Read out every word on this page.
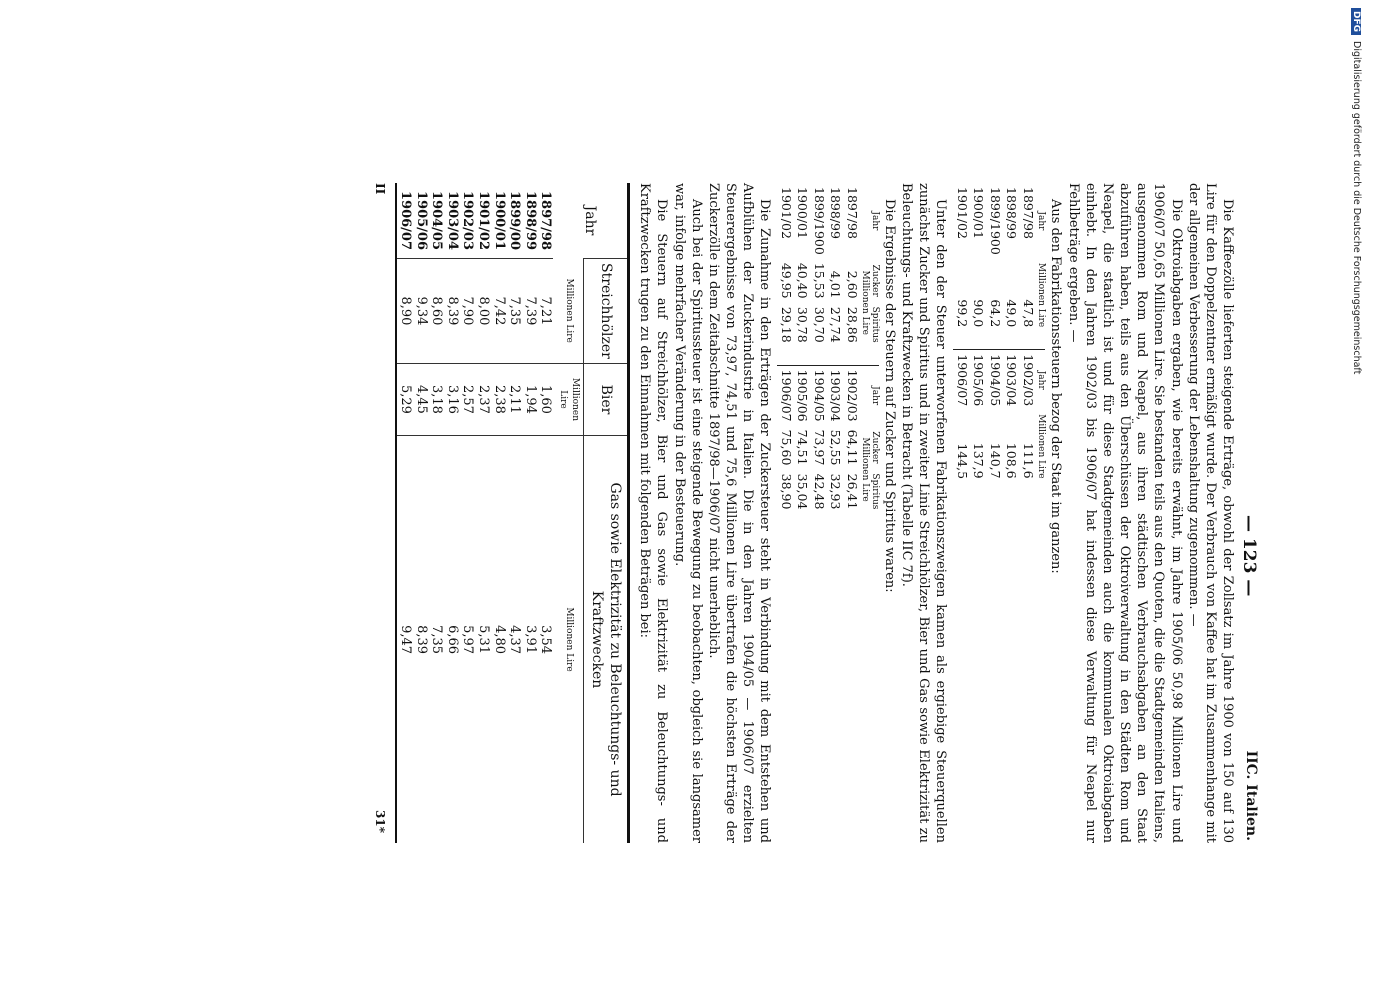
— 123 —
IIC. Italien.

Die Kaffeezölle lieferten steigende Erträge, obwohl der Zollsatz im Jahre 1900 von 150 auf 130 Lire für den Doppelzentner ermäßigt wurde. Der Verbrauch von Kaffee hat im Zusammenhange mit der allgemeinen Verbesserung der Lebenshaltung zugenommen. —

Die Oktroiabgaben ergaben, wie bereits erwähnt, im Jahre 1905/06 50,98 Millionen Lire und 1906/07 50,65 Millionen Lire. Sie bestanden teils aus den Quoten, die die Stadtgemeinden Italiens, ausgenommen Rom und Neapel, aus ihren städtischen Verbrauchsabgaben an den Staat abzuführen haben, teils aus den Überschüssen der Oktroiverwaltung in den Städten Rom und Neapel, die staatlich ist und für diese Stadtgemeinden auch die kommunalen Oktroiabgaben einhebt. In den Jahren 1902/03 bis 1906/07 hat indessen diese Verwaltung für Neapel nur Fehlbeträge ergeben. —

Aus den Fabrikationssteuern bezog der Staat im ganzen:

Jahr	Millionen Lire
1897/98	47,8
1898/99	49,0
1899/1900	64,2
1900/01	90,0
1901/02	99,2
Jahr	Millionen Lire
1902/03	111,6
1903/04	108,6
1904/05	140,7
1905/06	137,9
1906/07	144,5

Unter den der Steuer unterworfenen Fabrikationszweigen kamen als ergiebige Steuerquellen zunächst Zucker und Spiritus und in zweiter Linie Streichhölzer, Bier und Gas sowie Elektrizität zu Beleuchtungs- und Kraftzwecken in Betracht (Tabelle IIC 7f).

Die Ergebnisse der Steuern auf Zucker und Spiritus waren:

Jahr	Zucker	Spiritus
	Millionen Lire	
1897/98	2,60	28,86
1898/99	4,01	27,74
1899/1900	15,53	30,70
1900/01	40,40	30,78
1901/02	49,95	29,18
Jahr	Zucker	Spiritus
	Millionen Lire	
1902/03	64,11	26,41
1903/04	52,55	32,93
1904/05	73,97	42,48
1905/06	74,51	35,04
1906/07	75,60	38,90

Die Zunahme in den Erträgen der Zuckersteuer steht in Verbindung mit dem Entstehen und Aufblühen der Zuckerindustrie in Italien. Die in den Jahren 1904/05 — 1906/07 erzielten Steuerergebnisse von 73,97, 74,51 und 75,6 Millionen Lire übertrafen die höchsten Erträge der Zuckerzölle in dem Zeitabschnitte 1897/98—1906/07 nicht unerheblich.

Auch bei der Spiritussteuer ist eine steigende Bewegung zu beobachten, obgleich sie langsamer war, infolge mehrfacher Veränderung in der Besteuerung.

Die Steuern auf Streichhölzer, Bier und Gas sowie Elektrizität zu Beleuchtungs- und Kraftzwecken trugen zu den Einnahmen mit folgenden Beträgen bei:

Jahr	Streichhölzer	Bier	Gas sowie Elektrizität zu Beleuchtungs- und Kraftzwecken
	Millionen Lire	Millionen Lire	Millionen Lire
1897/98	7,21	1,60	3,54
1898/99	7,39	1,94	3,91
1899/00	7,35	2,11	4,37
1900/01	7,42	2,38	4,80
1901/02	8,00	2,37	5,31
1902/03	7,90	2,57	5,97
1903/04	8,39	3,16	6,66
1904/05	8,60	3,18	7,35
1905/06	9,34	4,45	8,39
1906/07	8,90	5,29	9,47
II
31*
DFGDigitalisierung gefördert durch die Deutsche Forschungsgemeinschaft
